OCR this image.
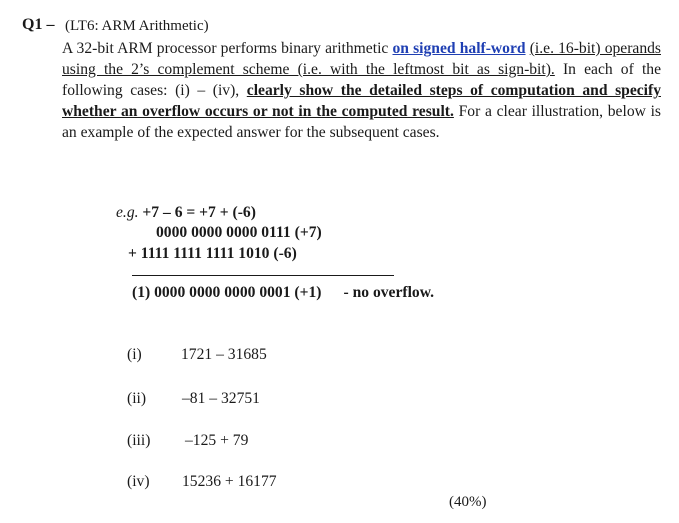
Q1 – (LT6: ARM Arithmetic)
A 32-bit ARM processor performs binary arithmetic on signed half-word (i.e. 16-bit) operands using the 2’s complement scheme (i.e. with the leftmost bit as sign-bit). In each of the following cases: (i) – (iv), clearly show the detailed steps of computation and specify whether an overflow occurs or not in the computed result. For a clear illustration, below is an example of the expected answer for the subsequent cases.
e.g. +7 – 6 = +7 + (-6)
0000 0000 0000 0111 (+7)
+ 1111 1111 1111 1010 (-6)
(1) 0000 0000 0000 0001 (+1) - no overflow.
(i)	1721 – 31685
(ii) –81 – 32751
(iii) –125 + 79
(iv) 15236 + 16177
(40%)
